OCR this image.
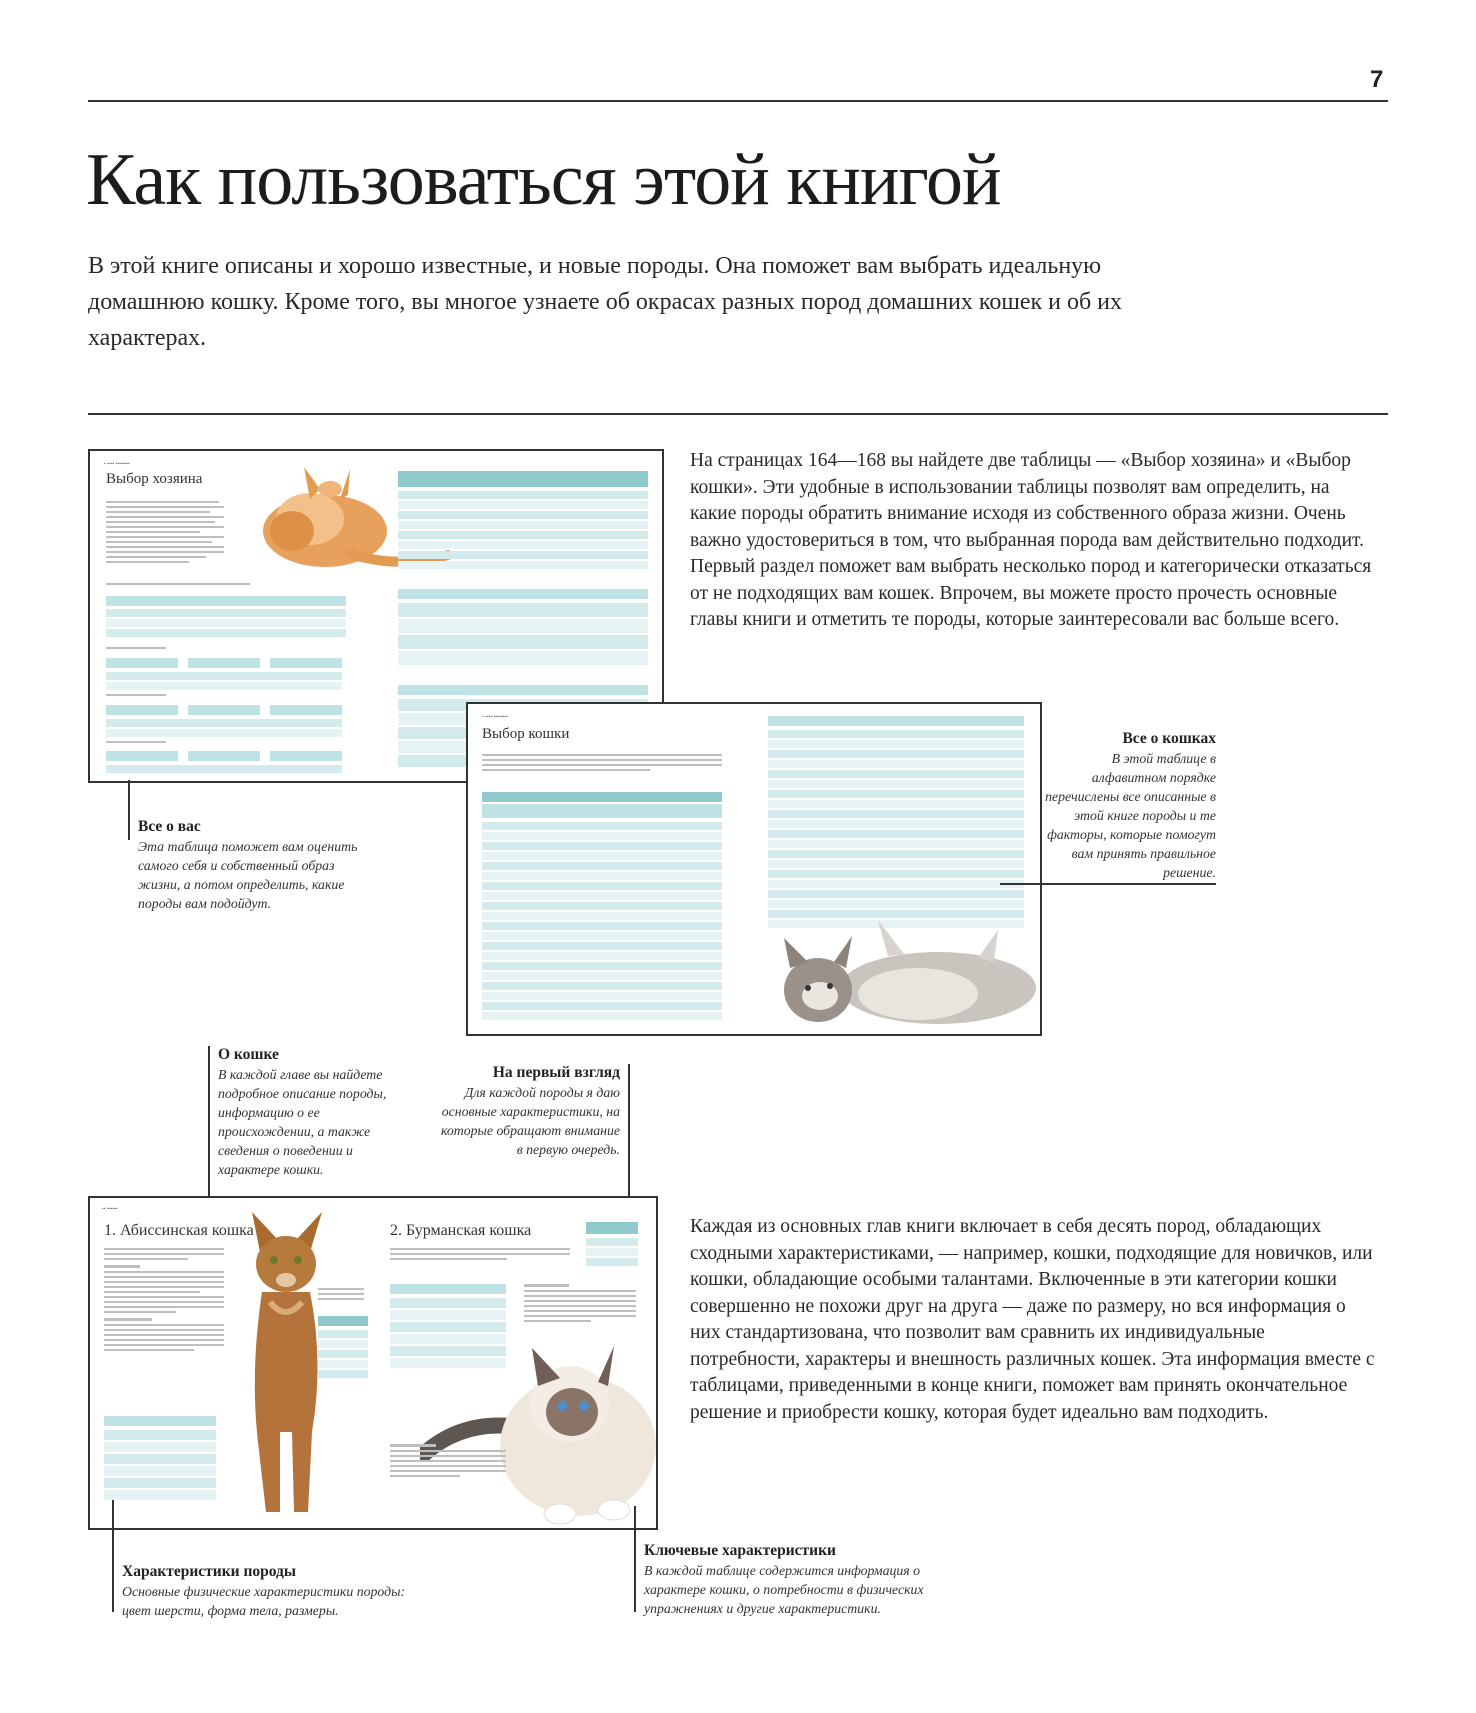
7
Как пользоваться этой книгой

В этой книге описаны и хорошо известные, и новые породы. Она поможет вам выбрать идеальную домашнюю кошку. Кроме того, вы многое узнаете об окрасах разных пород домашних кошек и об их характерах.

▪ ▪▪▪▪ ▪▪▪▪▪▪▪▪
Выбор хозяина

На страницах 164—168 вы найдете две таблицы — «Выбор хозяина» и «Выбор кошки». Эти удобные в использовании таблицы позволят вам определить, на какие породы обратить внимание исходя из собственного образа жизни. Очень важно удостовериться в том, что выбранная порода вам действительно подходит. Первый раздел поможет вам выбрать несколько пород и категорически отказаться от не подходящих вам кошек. Впрочем, вы можете просто прочесть основные главы книги и отметить те породы, которые заинтересовали вас больше всего.

▪ ▪▪▪▪ ▪▪▪▪▪▪▪▪
Выбор кошки
Все о вас
Эта таблица поможет вам оценить самого себя и собственный образ жизни, а потом определить, какие породы вам подойдут.
Все о кошках
В этой таблице в алфавитном порядке перечислены все описанные в этой книге породы и те факторы, которые помогут вам принять правильное решение.
О кошке
В каждой главе вы найдете подробное описание породы, информацию о ее происхождении, а также сведения о поведении и характере кошки.
На первый взгляд
Для каждой породы я даю основные характеристики, на которые обращают внимание в первую очередь.
▪▪ ▪▪▪▪▪▪
1. Абиссинская кошка	2. Бурманская кошка	Каждая из основных глав книги включает в себя десять пород, обладающих сходными характеристиками, — например, кошки, подходящие для новичков, или кошки, обладающие особыми талантами. Включенные в эти категории кошки совершенно не похожи друг на друга — даже по размеру, но вся информация о них стандартизована, что позволит вам сравнить их индивидуальные потребности, характеры и внешность различных кошек. Эта информация вместе с таблицами, приведенными в конце книги, поможет вам принять окончательное решение и приобрести кошку, которая будет идеально вам подходить.

Характеристики породы
Основные физические характеристики породы: цвет шерсти, форма тела, размеры.
Ключевые характеристики
В каждой таблице содержится информация о характере кошки, о потребности в физических упражнениях и другие характеристики.
